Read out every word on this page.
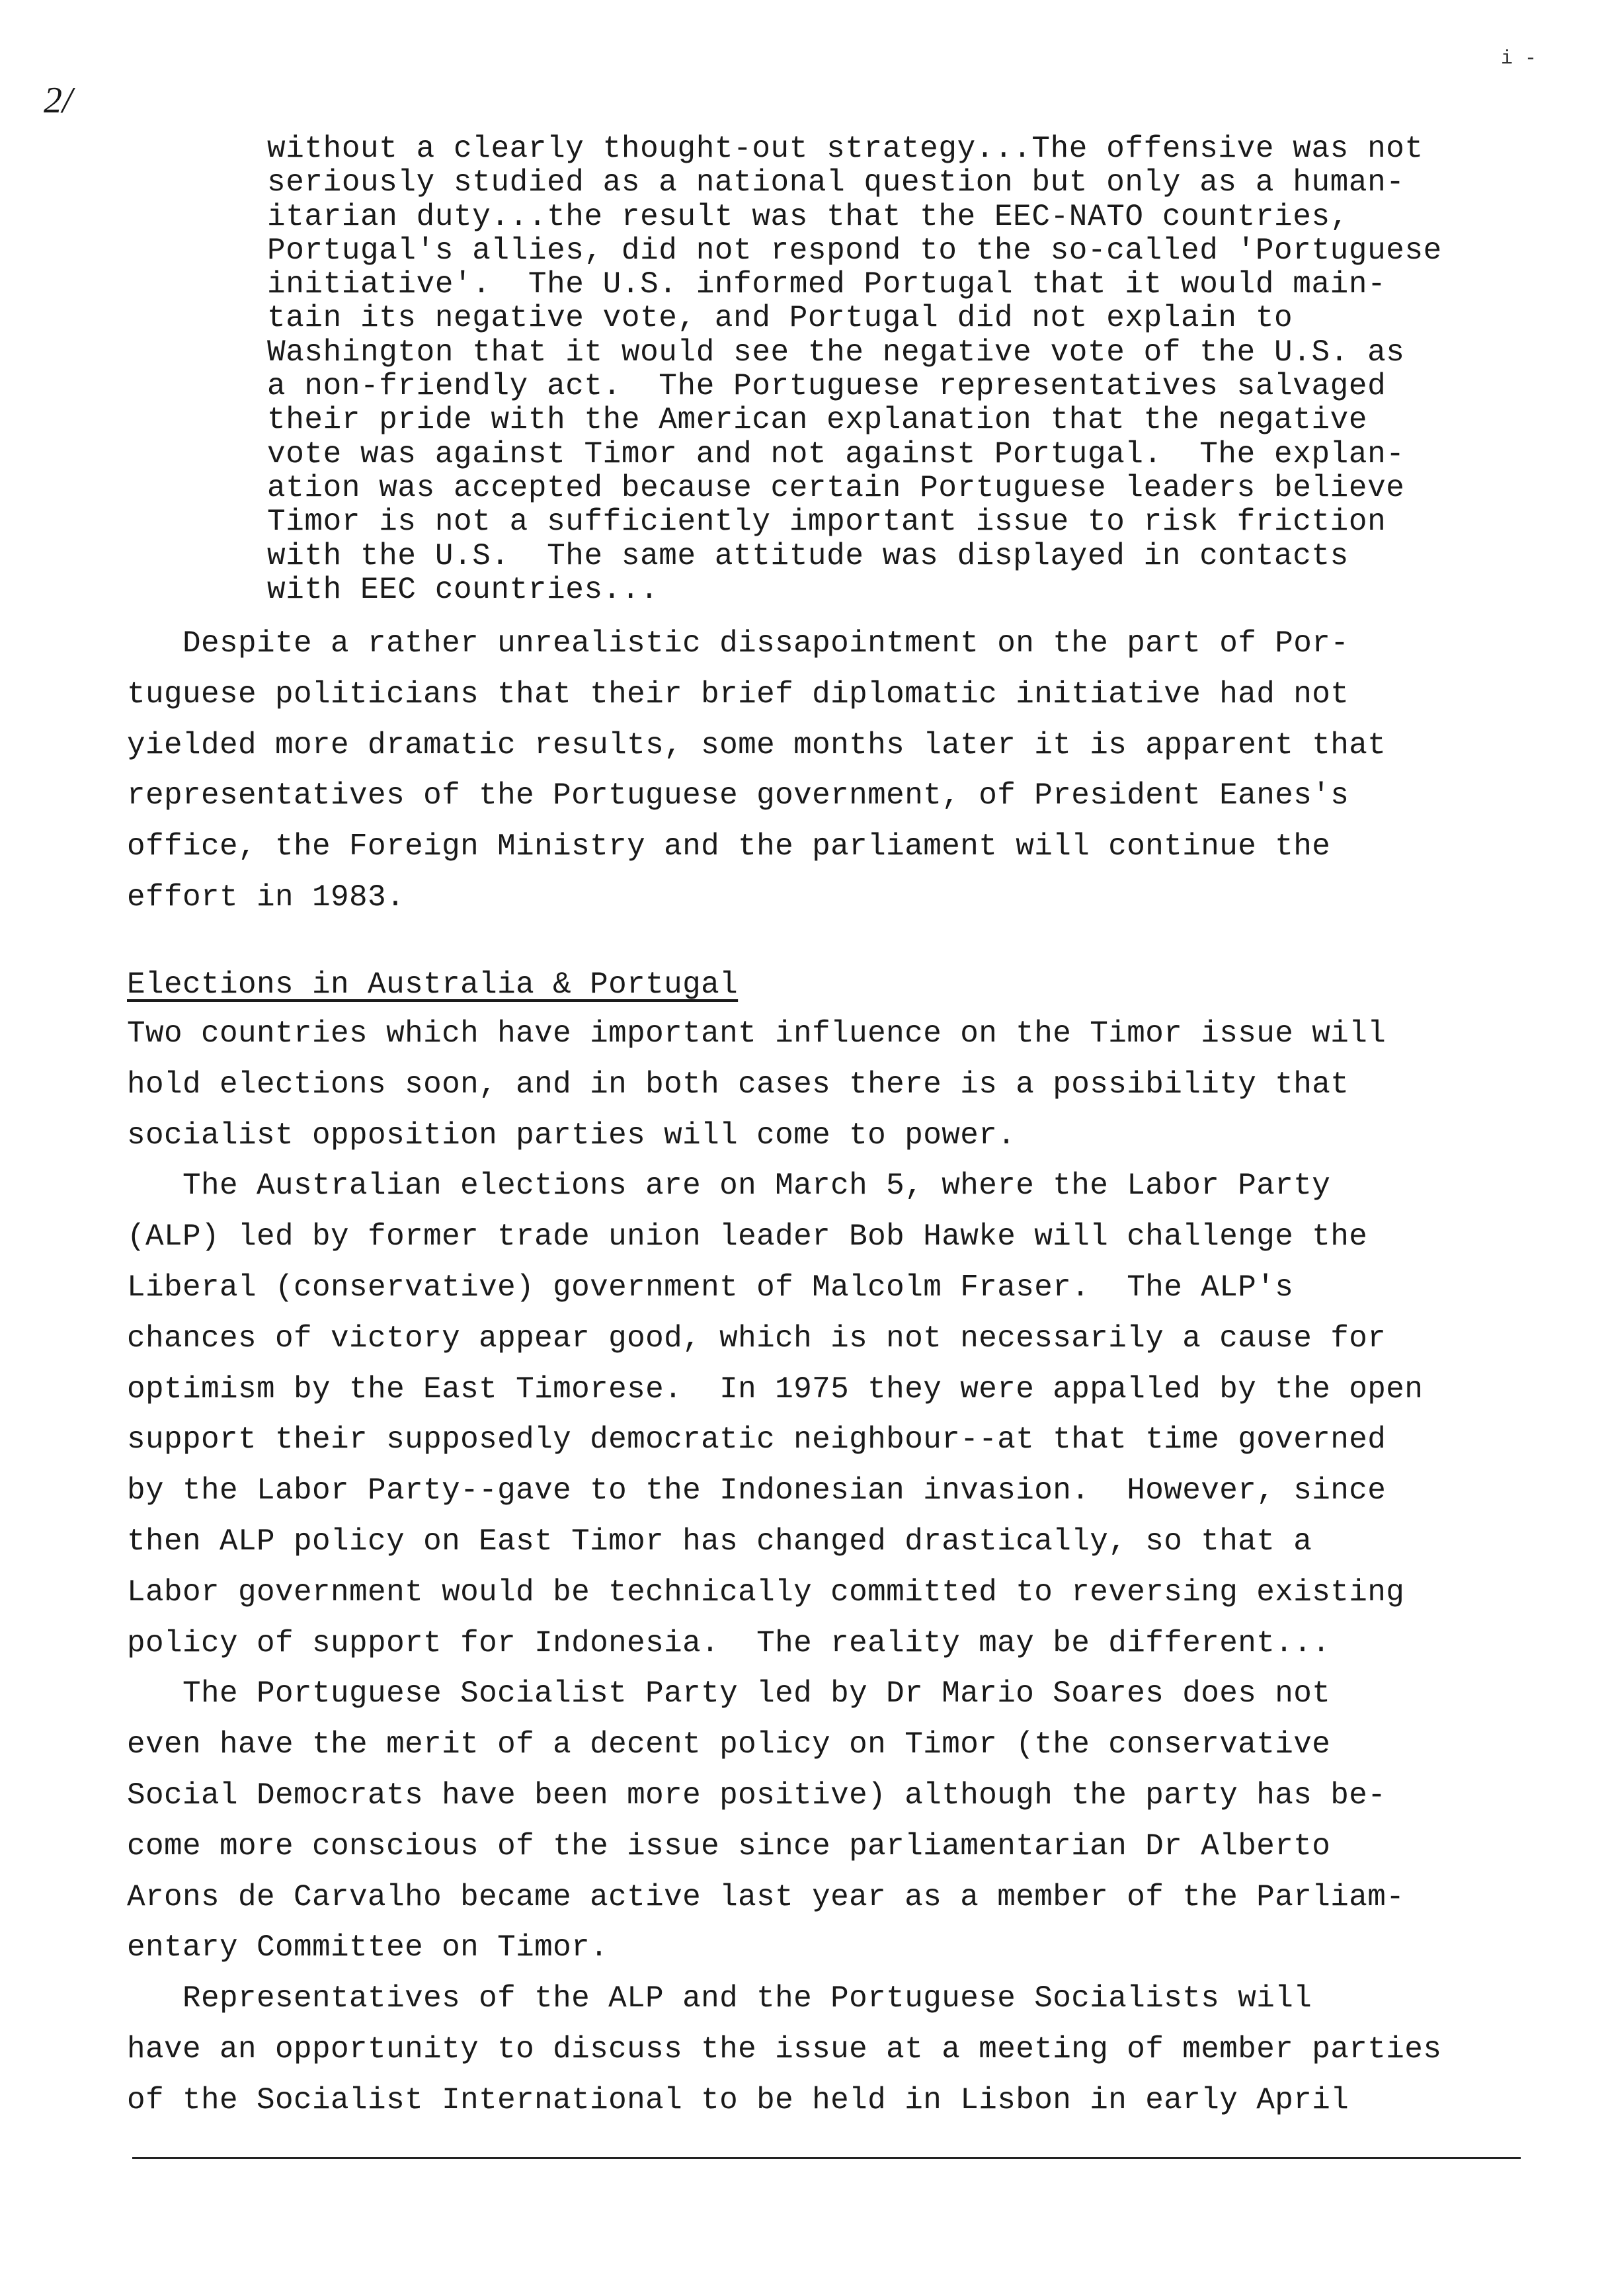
2/
i -
without a clearly thought-out strategy...The offensive was not
seriously studied as a national question but only as a human-
itarian duty...the result was that the EEC-NATO countries,
Portugal's allies, did not respond to the so-called 'Portuguese
initiative'.  The U.S. informed Portugal that it would main-
tain its negative vote, and Portugal did not explain to
Washington that it would see the negative vote of the U.S. as
a non-friendly act.  The Portuguese representatives salvaged
their pride with the American explanation that the negative
vote was against Timor and not against Portugal.  The explan-
ation was accepted because certain Portuguese leaders believe
Timor is not a sufficiently important issue to risk friction
with the U.S.  The same attitude was displayed in contacts
with EEC countries...
Despite a rather unrealistic dissapointment on the part of Por-
tuguese politicians that their brief diplomatic initiative had not
yielded more dramatic results, some months later it is apparent that
representatives of the Portuguese government, of President Eanes's
office, the Foreign Ministry and the parliament will continue the
effort in 1983.
Elections in Australia & Portugal
Two countries which have important influence on the Timor issue will
hold elections soon, and in both cases there is a possibility that
socialist opposition parties will come to power.
The Australian elections are on March 5, where the Labor Party
(ALP) led by former trade union leader Bob Hawke will challenge the
Liberal (conservative) government of Malcolm Fraser.  The ALP's
chances of victory appear good, which is not necessarily a cause for
optimism by the East Timorese.  In 1975 they were appalled by the open
support their supposedly democratic neighbour--at that time governed
by the Labor Party--gave to the Indonesian invasion.  However, since
then ALP policy on East Timor has changed drastically, so that a
Labor government would be technically committed to reversing existing
policy of support for Indonesia.  The reality may be different...
The Portuguese Socialist Party led by Dr Mario Soares does not
even have the merit of a decent policy on Timor (the conservative
Social Democrats have been more positive) although the party has be-
come more conscious of the issue since parliamentarian Dr Alberto
Arons de Carvalho became active last year as a member of the Parliam-
entary Committee on Timor.
Representatives of the ALP and the Portuguese Socialists will
have an opportunity to discuss the issue at a meeting of member parties
of the Socialist International to be held in Lisbon in early April
